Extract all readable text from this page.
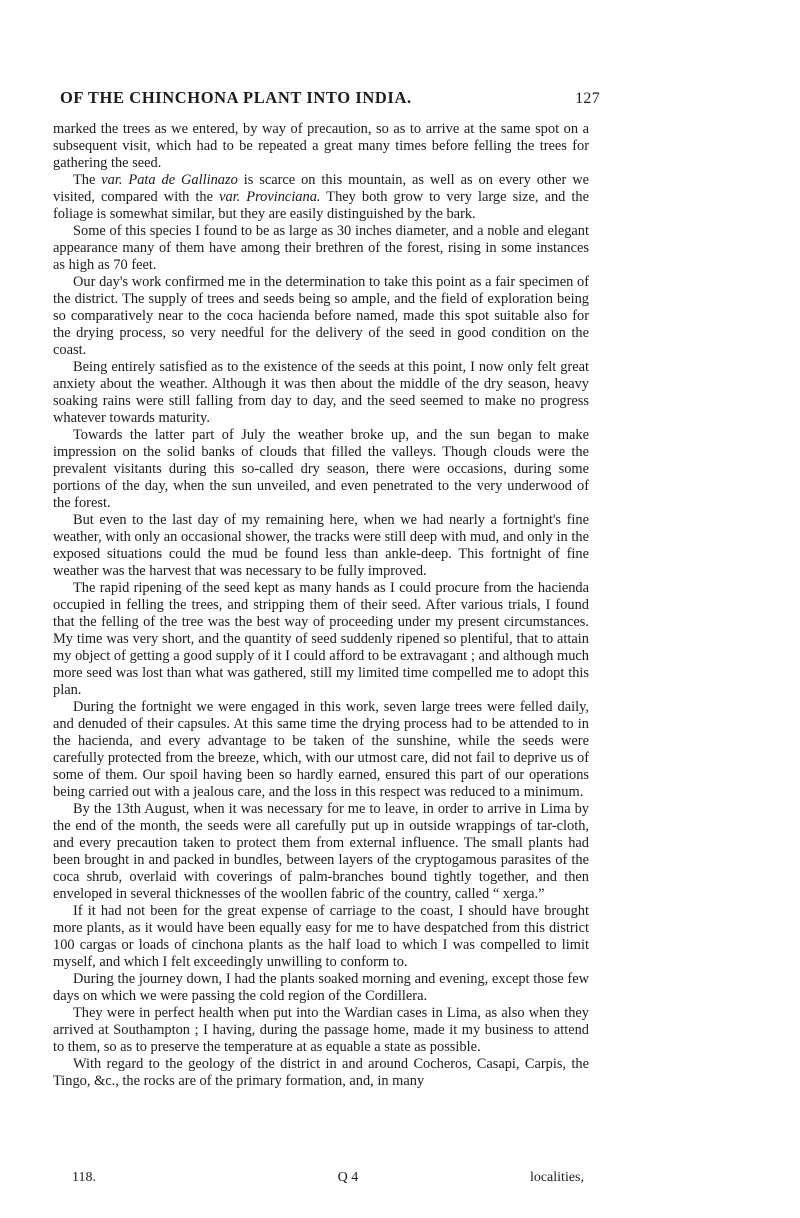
OF THE CHINCHONA PLANT INTO INDIA.	127

marked the trees as we entered, by way of precaution, so as to arrive at the same spot on a subsequent visit, which had to be repeated a great many times before felling the trees for gathering the seed.

The var. Pata de Gallinazo is scarce on this mountain, as well as on every other we visited, compared with the var. Provinciana. They both grow to very large size, and the foliage is somewhat similar, but they are easily distinguished by the bark.

Some of this species I found to be as large as 30 inches diameter, and a noble and elegant appearance many of them have among their brethren of the forest, rising in some instances as high as 70 feet.

Our day's work confirmed me in the determination to take this point as a fair specimen of the district. The supply of trees and seeds being so ample, and the field of exploration being so comparatively near to the coca hacienda before named, made this spot suitable also for the drying process, so very needful for the delivery of the seed in good condition on the coast.

Being entirely satisfied as to the existence of the seeds at this point, I now only felt great anxiety about the weather. Although it was then about the middle of the dry season, heavy soaking rains were still falling from day to day, and the seed seemed to make no progress whatever towards maturity.

Towards the latter part of July the weather broke up, and the sun began to make impression on the solid banks of clouds that filled the valleys. Though clouds were the prevalent visitants during this so-called dry season, there were occasions, during some portions of the day, when the sun unveiled, and even penetrated to the very underwood of the forest.

But even to the last day of my remaining here, when we had nearly a fortnight's fine weather, with only an occasional shower, the tracks were still deep with mud, and only in the exposed situations could the mud be found less than ankle-deep. This fortnight of fine weather was the harvest that was necessary to be fully improved.

The rapid ripening of the seed kept as many hands as I could procure from the hacienda occupied in felling the trees, and stripping them of their seed. After various trials, I found that the felling of the tree was the best way of proceeding under my present circumstances. My time was very short, and the quantity of seed suddenly ripened so plentiful, that to attain my object of getting a good supply of it I could afford to be extravagant ; and although much more seed was lost than what was gathered, still my limited time compelled me to adopt this plan.

During the fortnight we were engaged in this work, seven large trees were felled daily, and denuded of their capsules. At this same time the drying process had to be attended to in the hacienda, and every advantage to be taken of the sunshine, while the seeds were carefully protected from the breeze, which, with our utmost care, did not fail to deprive us of some of them. Our spoil having been so hardly earned, ensured this part of our operations being carried out with a jealous care, and the loss in this respect was reduced to a minimum.

By the 13th August, when it was necessary for me to leave, in order to arrive in Lima by the end of the month, the seeds were all carefully put up in outside wrappings of tar-cloth, and every precaution taken to protect them from external influence. The small plants had been brought in and packed in bundles, between layers of the cryptogamous parasites of the coca shrub, overlaid with coverings of palm-branches bound tightly together, and then enveloped in several thicknesses of the woollen fabric of the country, called “ xerga.”

If it had not been for the great expense of carriage to the coast, I should have brought more plants, as it would have been equally easy for me to have despatched from this district 100 cargas or loads of cinchona plants as the half load to which I was compelled to limit myself, and which I felt exceedingly unwilling to conform to.

During the journey down, I had the plants soaked morning and evening, except those few days on which we were passing the cold region of the Cordillera.

They were in perfect health when put into the Wardian cases in Lima, as also when they arrived at Southampton ; I having, during the passage home, made it my business to attend to them, so as to preserve the temperature at as equable a state as possible.

With regard to the geology of the district in and around Cocheros, Casapi, Carpis, the Tingo, &c., the rocks are of the primary formation, and, in many

118.	Q 4	localities,
